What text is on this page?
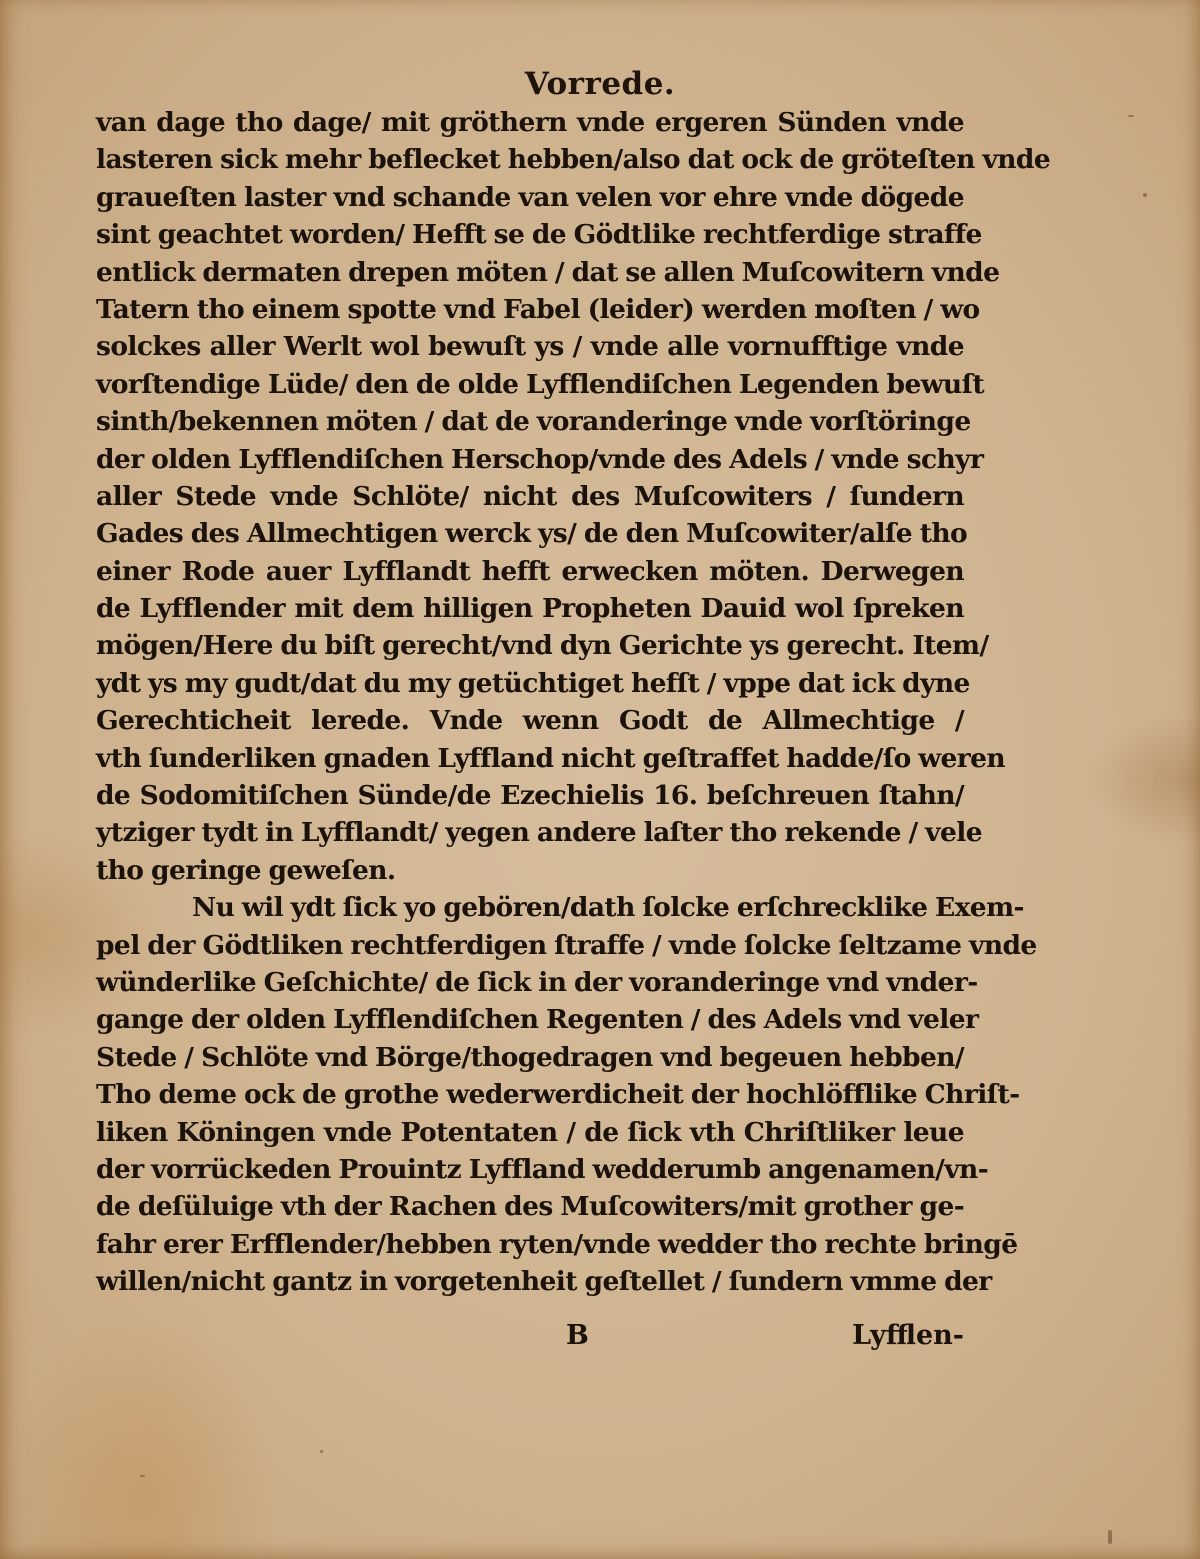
Vorrede.
van dage tho dage/ mit gröthern vnde ergeren Sünden vnde
lasteren sick mehr beflecket hebben/also dat ock de gröteſten vnde
graueſten laster vnd schande van velen vor ehre vnde dögede
sint geachtet worden/ Hefft se de Gödtlike rechtferdige straffe
entlick dermaten drepen möten / dat se allen Muſcowitern vnde
Tatern tho einem spotte vnd Fabel (leider) werden moſten / wo
solckes aller Werlt wol bewuſt ys / vnde alle vornufftige vnde
vorſtendige Lüde/ den de olde Lyfflendiſchen Legenden bewuſt
sinth/bekennen möten / dat de voranderinge vnde vorſtöringe
der olden Lyfflendiſchen Herschop/vnde des Adels / vnde schyr
aller Stede vnde Schlöte/ nicht des Muſcowiters / ſundern
Gades des Allmechtigen werck ys/ de den Muſcowiter/alſe tho
einer Rode auer Lyfflandt hefft erwecken möten. Derwegen
de Lyfflender mit dem hilligen Propheten Dauid wol ſpreken
mögen/Here du biſt gerecht/vnd dyn Gerichte ys gerecht. Item/
ydt ys my gudt/dat du my getüchtiget hefſt / vppe dat ick dyne
Gerechticheit lerede. Vnde wenn Godt de Allmechtige /
vth ſunderliken gnaden Lyffland nicht geſtraffet hadde/ſo weren
de Sodomitiſchen Sünde/de Ezechielis 16. beſchreuen ſtahn/
ytziger tydt in Lyfflandt/ yegen andere laſter tho rekende / vele
tho geringe geweſen.
Nu wil ydt ſick yo gebören/dath ſolcke erſchrecklike Exem-
pel der Gödtliken rechtferdigen ſtraffe / vnde ſolcke ſeltzame vnde
wünderlike Geſchichte/ de ſick in der voranderinge vnd vnder-
gange der olden Lyfflendiſchen Regenten / des Adels vnd veler
Stede / Schlöte vnd Börge/thogedragen vnd begeuen hebben/
Tho deme ock de grothe wederwerdicheit der hochlöfflike Chriſt-
liken Köningen vnde Potentaten / de ſick vth Chriſtliker leue
der vorrückeden Prouintz Lyffland wedderumb angenamen/vn-
de deſüluige vth der Rachen des Muſcowiters/mit grother ge-
fahr erer Erfflender/hebben ryten/vnde wedder tho rechte bringē
willen/nicht gantz in vorgetenheit geſtellet / ſundern vmme der
B	Lyfflen-
